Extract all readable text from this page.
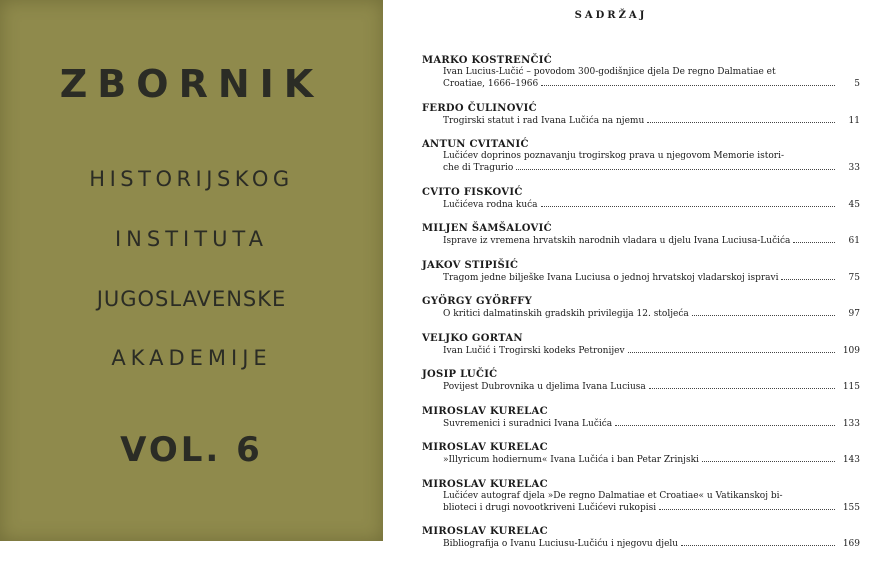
ZBORNIK
HISTORIJSKOG
INSTITUTA
JUGOSLAVENSKE
AKADEMIJE
VOL. 6
SADRŽAJ
MARKO KOSTRENČIĆ
Ivan Lucius-Lučić – povodom 300-godišnjice djela De regno Dalmatiae et
Croatiae, 1666–1966	5
FERDO ČULINOVIĆ
Trogirski statut i rad Ivana Lučića na njemu	11
ANTUN CVITANIĆ
Lučićev doprinos poznavanju trogirskog prava u njegovom Memorie istori-
che di Tragurio	33
CVITO FISKOVIĆ
Lučićeva rodna kuća	45
MILJEN ŠAMŠALOVIĆ
Isprave iz vremena hrvatskih narodnih vladara u djelu Ivana Luciusa-Lučića	61
JAKOV STIPIŠIĆ
Tragom jedne bilješke Ivana Luciusa o jednoj hrvatskoj vladarskoj ispravi	75
GYÖRGY GYÖRFFY
O kritici dalmatinskih gradskih privilegija 12. stoljeća	97
VELJKO GORTAN
Ivan Lučić i Trogirski kodeks Petronijev	109
JOSIP LUČIĆ
Povijest Dubrovnika u djelima Ivana Luciusa	115
MIROSLAV KURELAC
Suvremenici i suradnici Ivana Lučića	133
MIROSLAV KURELAC
»Illyricum hodiernum« Ivana Lučića i ban Petar Zrinjski	143
MIROSLAV KURELAC
Lučićev autograf djela »De regno Dalmatiae et Croatiae« u Vatikanskoj bi-
blioteci i drugi novootkriveni Lučićevi rukopisi	155
MIROSLAV KURELAC
Bibliografija o Ivanu Luciusu-Lučiću i njegovu djelu	169
